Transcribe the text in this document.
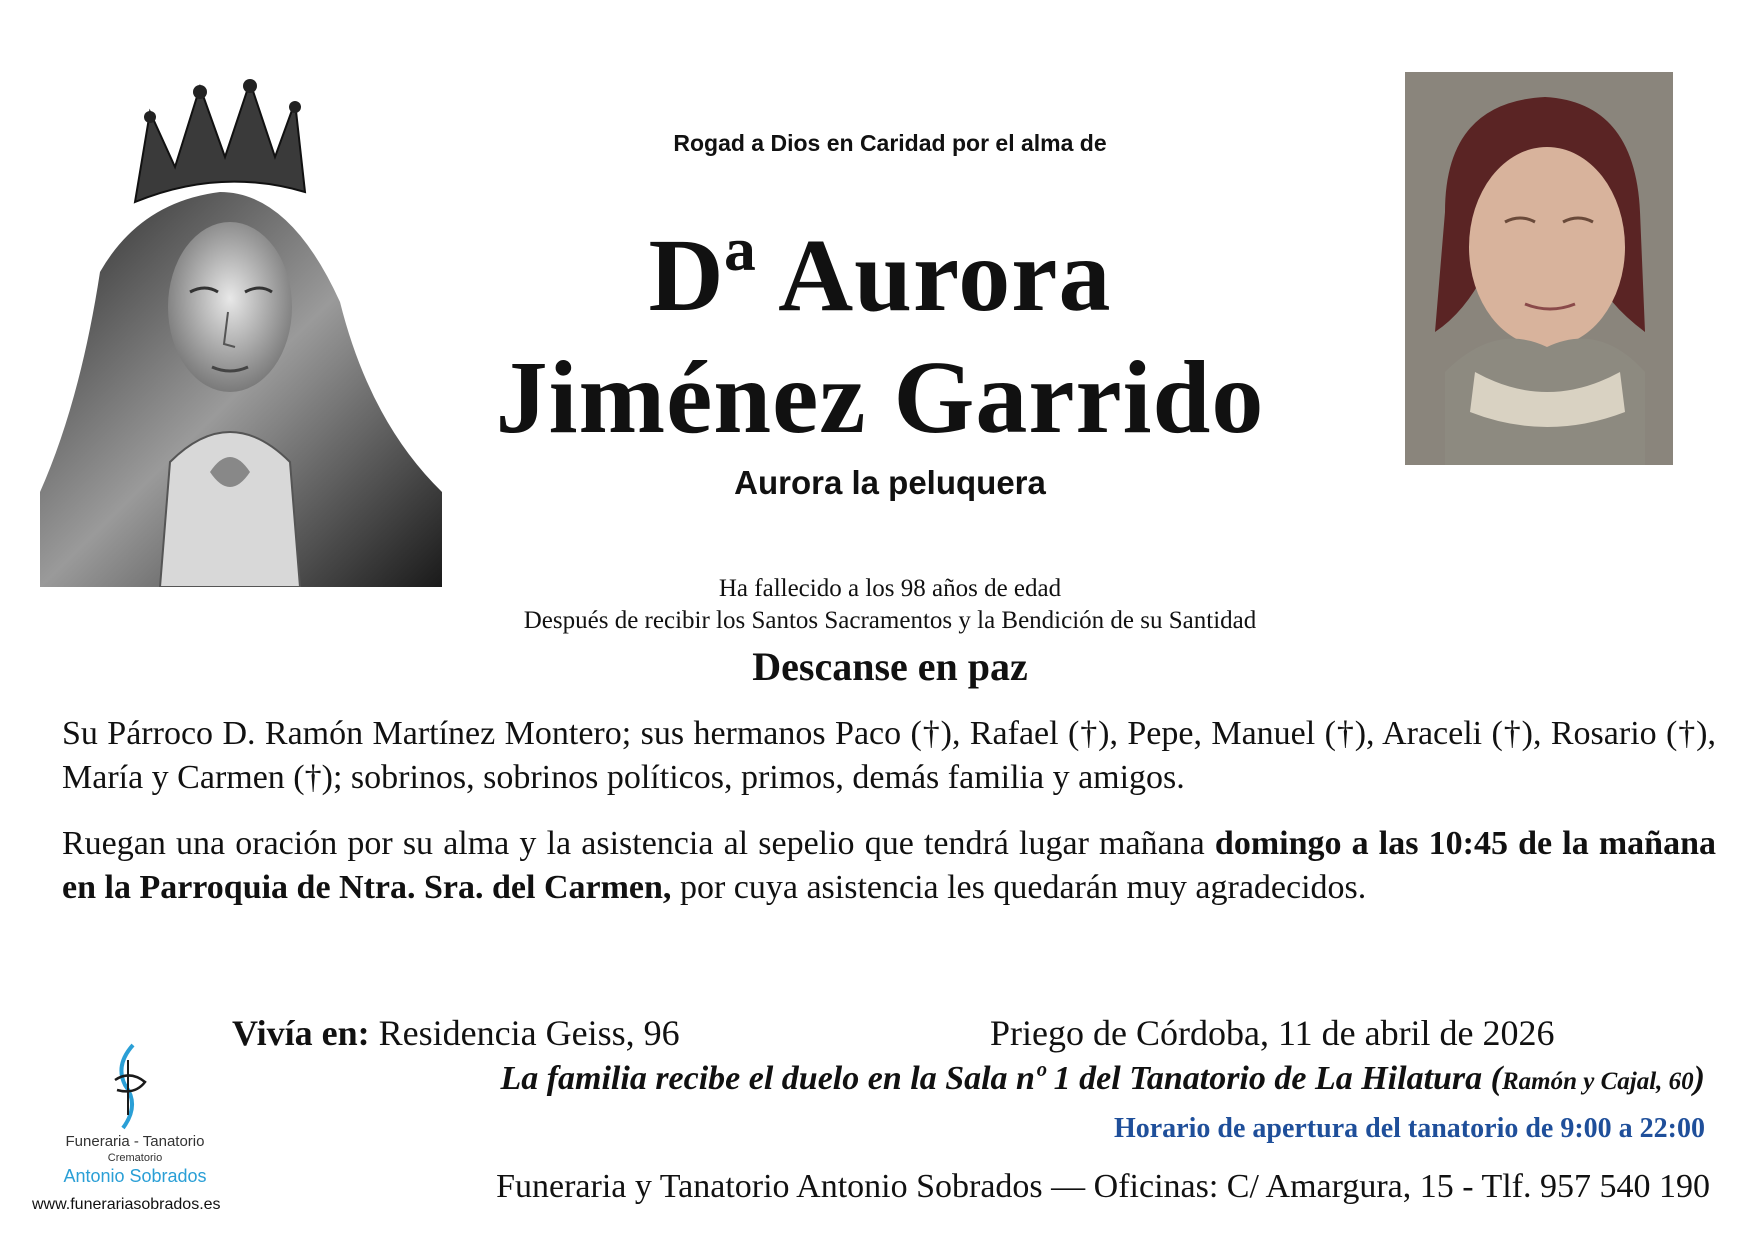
Rogad a Dios en Caridad por el alma de
Dª Aurora
Jiménez Garrido
Aurora la peluquera
Ha fallecido a los 98 años de edad
Después de recibir los Santos Sacramentos y la Bendición de su Santidad
Descanse en paz
Su Párroco D. Ramón Martínez Montero; sus hermanos Paco (†), Rafael (†), Pepe, Manuel (†), Araceli (†), Rosario (†), María y Carmen (†); sobrinos, sobrinos políticos, primos, demás familia y amigos.
Ruegan una oración por su alma y la asistencia al sepelio que tendrá lugar mañana domingo a las 10:45 de la mañana en la Parroquia de Ntra. Sra. del Carmen, por cuya asistencia les quedarán muy agradecidos.
Vivía en: Residencia Geiss, 96	Priego de Córdoba, 11 de abril de 2026
La familia recibe el duelo en la Sala nº 1 del Tanatorio de La Hilatura (Ramón y Cajal, 60)
Horario de apertura del tanatorio de 9:00 a 22:00
Funeraria y Tanatorio Antonio Sobrados — Oficinas: C/ Amargura, 15 - Tlf. 957 540 190
Funeraria - Tanatorio
Crematorio
Antonio Sobrados
www.funerariasobrados.es
